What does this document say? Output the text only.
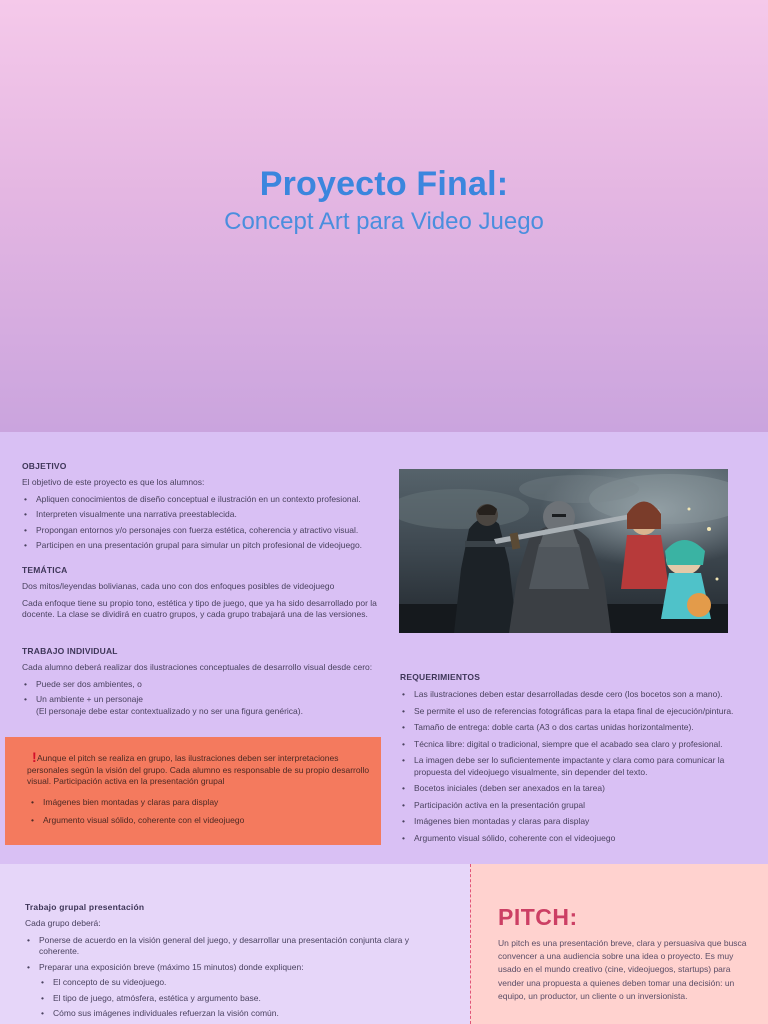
Proyecto Final:
Concept Art para Video Juego
OBJETIVO

El objetivo de este proyecto es que los alumnos:

• Apliquen conocimientos de diseño conceptual e ilustración en un contexto profesional.
• Interpreten visualmente una narrativa preestablecida.
• Propongan entornos y/o personajes con fuerza estética, coherencia y atractivo visual.
• Participen en una presentación grupal para simular un pitch profesional de videojuego.
TEMÁTICA

Dos mitos/leyendas bolivianas, cada uno con dos enfoques posibles de videojuego

Cada enfoque tiene su propio tono, estética y tipo de juego, que ya ha sido desarrollado por la docente. La clase se dividirá en cuatro grupos, y cada grupo trabajará una de las versiones.

TRABAJO INDIVIDUAL

Cada alumno deberá realizar dos ilustraciones conceptuales de desarrollo visual desde cero:

• Puede ser dos ambientes, o
• Un ambiente + un personaje

(El personaje debe estar contextualizado y no ser una figura genérica).

REQUERIMIENTOS
• Las ilustraciones deben estar desarrolladas desde cero (los bocetos son a mano).
• Se permite el uso de referencias fotográficas para la etapa final de ejecución/pintura.
• Tamaño de entrega: doble carta (A3 o dos cartas unidas horizontalmente).
• Técnica libre: digital o tradicional, siempre que el acabado sea claro y profesional.
• La imagen debe ser lo suficientemente impactante y clara como para comunicar la propuesta del videojuego visualmente, sin depender del texto.
• Bocetos iniciales (deben ser anexados en la tarea)
• Participación activa en la presentación grupal
• Imágenes bien montadas y claras para display
• Argumento visual sólido, coherente con el videojuego
! Aunque el pitch se realiza en grupo, las ilustraciones deben ser interpretaciones personales según la visión del grupo. Cada alumno es responsable de su propio desarrollo visual. Participación activa en la presentación grupal
• Imágenes bien montadas y claras para display
• Argumento visual sólido, coherente con el videojuego
Trabajo grupal presentación

Cada grupo deberá:

• Ponerse de acuerdo en la visión general del juego, y desarrollar una presentación conjunta clara y coherente.
• Preparar una exposición breve (máximo 15 minutos) donde expliquen:
• El concepto de su videojuego.
• El tipo de juego, atmósfera, estética y argumento base.
• Cómo sus imágenes individuales refuerzan la visión común.
PITCH:
Un pitch es una presentación breve, clara y persuasiva que busca convencer a una audiencia sobre una idea o proyecto. Es muy usado en el mundo creativo (cine, videojuegos, startups) para vender una propuesta a quienes deben tomar una decisión: un equipo, un productor, un cliente o un inversionista.
